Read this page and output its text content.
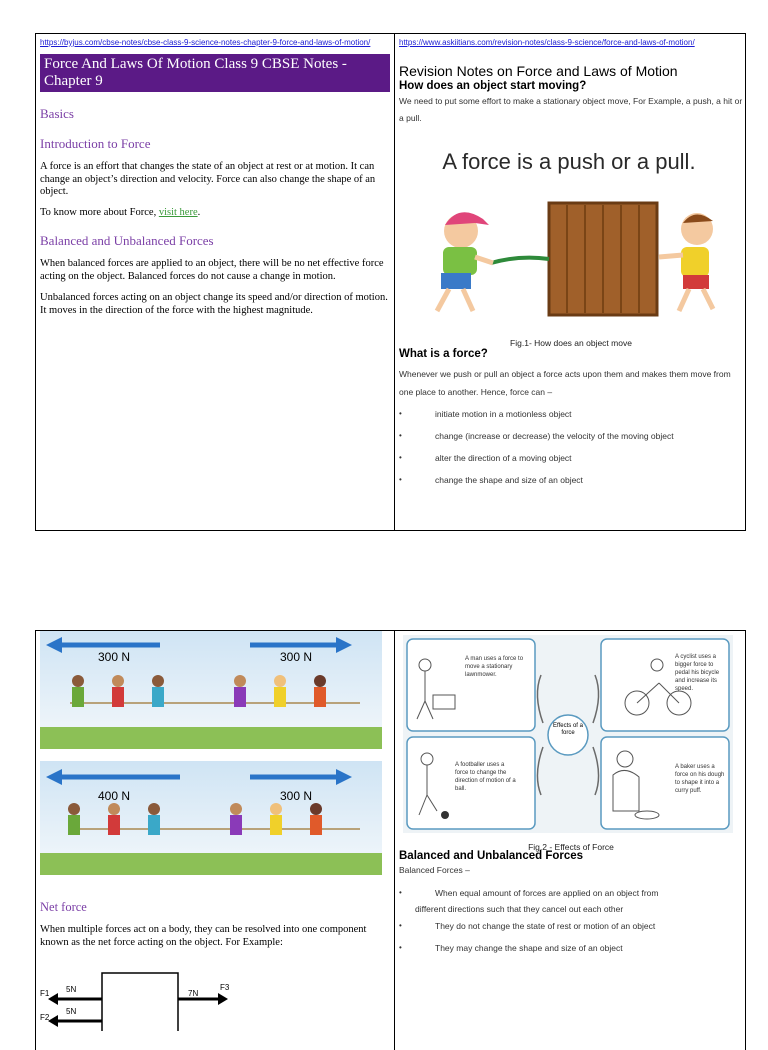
https://byjus.com/cbse-notes/cbse-class-9-science-notes-chapter-9-force-and-laws-of-motion/
Force And Laws Of Motion Class 9 CBSE Notes - Chapter 9

Basics

Introduction to Force

A force is an effort that changes the state of an object at rest or at motion. It can change an object’s direction and velocity. Force can also change the shape of an object.

To know more about Force, visit here.

Balanced and Unbalanced Forces

When balanced forces are applied to an object, there will be no net effective force acting on the object. Balanced forces do not cause a change in motion.

Unbalanced forces acting on an object change its speed and/or direction of motion. It moves in the direction of the force with the highest magnitude.

https://www.askiitians.com/revision-notes/class-9-science/force-and-laws-of-motion/
Revision Notes on Force and Laws of Motion
How does an object start moving?

We need to put some effort to make a stationary object move, For Example, a push, a hit or a pull.

A force is a push or a pull.
Fig.1- How does an object move
What is a force?

Whenever we push or pull an object a force acts upon them and makes them move from one place to another. Hence, force can –

•	initiate motion in a motionless object
•	change (increase or decrease) the velocity of the moving object
•	alter the direction of a moving object
•	change the shape and size of an object
300 N	300 N
400 N	300 N

Net force

When multiple forces act on a body, they can be resolved into one component known as the net force acting on the object. For Example:

F1 5N
F2
5N
7N
F3
Effects of a force
A man uses a force to move a stationary lawnmower.
A cyclist uses a bigger force to pedal his bicycle and increase its speed.
A footballer uses a force to change the direction of motion of a ball.
A baker uses a force on his dough to shape it into a curry puff.
Fig.2 - Effects of Force
Balanced and Unbalanced Forces

Balanced Forces –

•	When equal amount of forces are applied on an object from
different directions such that they cancel out each other
•	They do not change the state of rest or motion of an object
•	They may change the shape and size of an object
